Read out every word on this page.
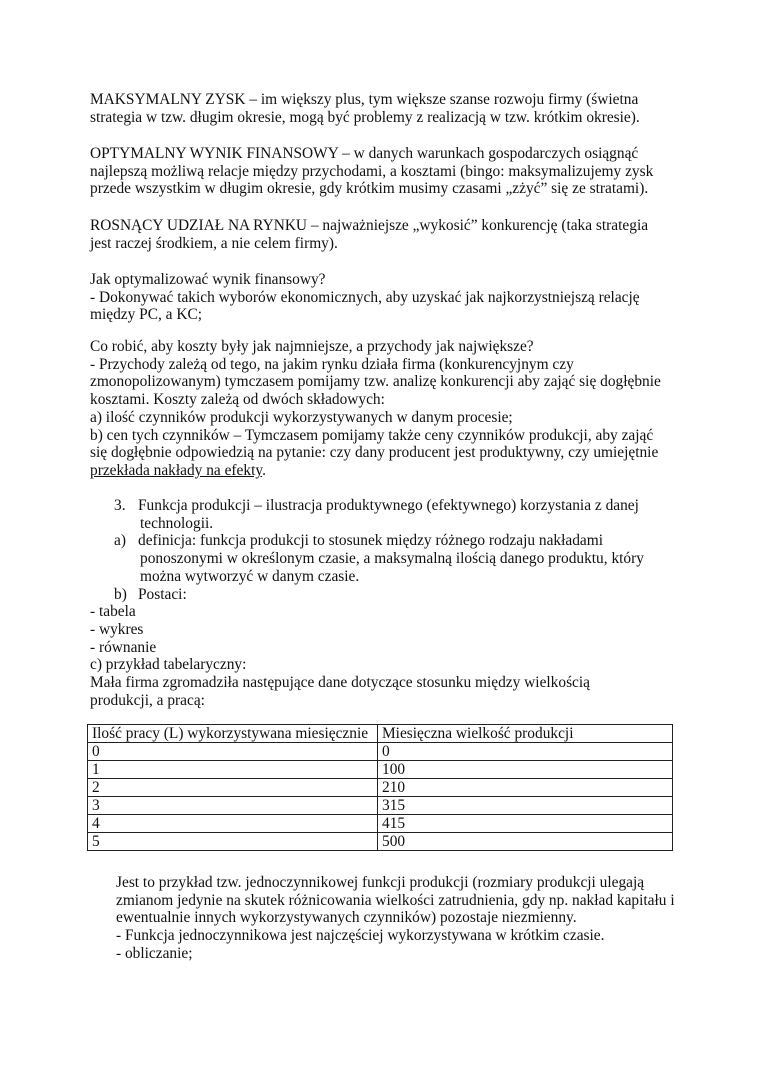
MAKSYMALNY ZYSK – im większy plus, tym większe szanse rozwoju firmy (świetna
strategia w tzw. długim okresie, mogą być problemy z realizacją w tzw. krótkim okresie).
OPTYMALNY WYNIK FINANSOWY – w danych warunkach gospodarczych osiągnąć
najlepszą możliwą relacje między przychodami, a kosztami (bingo: maksymalizujemy zysk
przede wszystkim w długim okresie, gdy krótkim musimy czasami „zżyć” się ze stratami).
ROSNĄCY UDZIAŁ NA RYNKU – najważniejsze „wykosić” konkurencję (taka strategia
jest raczej środkiem, a nie celem firmy).
Jak optymalizować wynik finansowy?
- Dokonywać takich wyborów ekonomicznych, aby uzyskać jak najkorzystniejszą relację
między PC, a KC;
Co robić, aby koszty były jak najmniejsze, a przychody jak największe?
- Przychody zależą od tego, na jakim rynku działa firma (konkurencyjnym czy
zmonopolizowanym) tymczasem pomijamy tzw. analizę konkurencji aby zająć się dogłębnie
kosztami. Koszty zależą od dwóch składowych:
a) ilość czynników produkcji wykorzystywanych w danym procesie;
b) cen tych czynników – Tymczasem pomijamy także ceny czynników produkcji, aby zająć
się dogłębnie odpowiedzią na pytanie: czy dany producent jest produktywny, czy umiejętnie
przekłada nakłady na efekty.
3. Funkcja produkcji – ilustracja produktywnego (efektywnego) korzystania z danej
technologii.
a) definicja: funkcja produkcji to stosunek między różnego rodzaju nakładami
ponoszonymi w określonym czasie, a maksymalną ilością danego produktu, który
można wytworzyć w danym czasie.
b) Postaci:
- tabela
- wykres
- równanie
c) przykład tabelaryczny:
Mała firma zgromadziła następujące dane dotyczące stosunku między wielkością
produkcji, a pracą:
Ilość pracy (L) wykorzystywana miesięcznie	Miesięczna wielkość produkcji
0	0
1	100
2	210
3	315
4	415
5	500
Jest to przykład tzw. jednoczynnikowej funkcji produkcji (rozmiary produkcji ulegają
zmianom jedynie na skutek różnicowania wielkości zatrudnienia, gdy np. nakład kapitału i
ewentualnie innych wykorzystywanych czynników) pozostaje niezmienny.
- Funkcja jednoczynnikowa jest najczęściej wykorzystywana w krótkim czasie.
- obliczanie;
